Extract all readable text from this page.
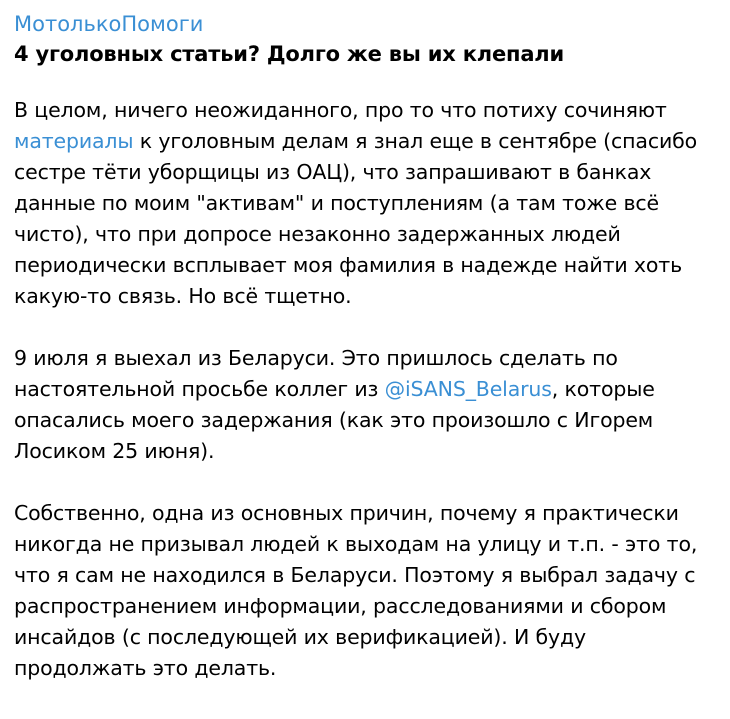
МотолькоПомоги
4 уголовных статьи? Долго же вы их клепали
В целом, ничего неожиданного, про то что потиху сочиняют
материалы к уголовным делам я знал еще в сентябре (спасибо
сестре тёти уборщицы из ОАЦ), что запрашивают в банках
данные по моим "активам" и поступлениям (а там тоже всё
чисто), что при допросе незаконно задержанных людей
периодически всплывает моя фамилия в надежде найти хоть
какую-то связь. Но всё тщетно.
9 июля я выехал из Беларуси. Это пришлось сделать по
настоятельной просьбе коллег из @iSANS_Belarus, которые
опасались моего задержания (как это произошло с Игорем
Лосиком 25 июня).
Собственно, одна из основных причин, почему я практически
никогда не призывал людей к выходам на улицу и т.п. - это то,
что я сам не находился в Беларуси. Поэтому я выбрал задачу с
распространением информации, расследованиями и сбором
инсайдов (с последующей их верификацией). И буду
продолжать это делать.
